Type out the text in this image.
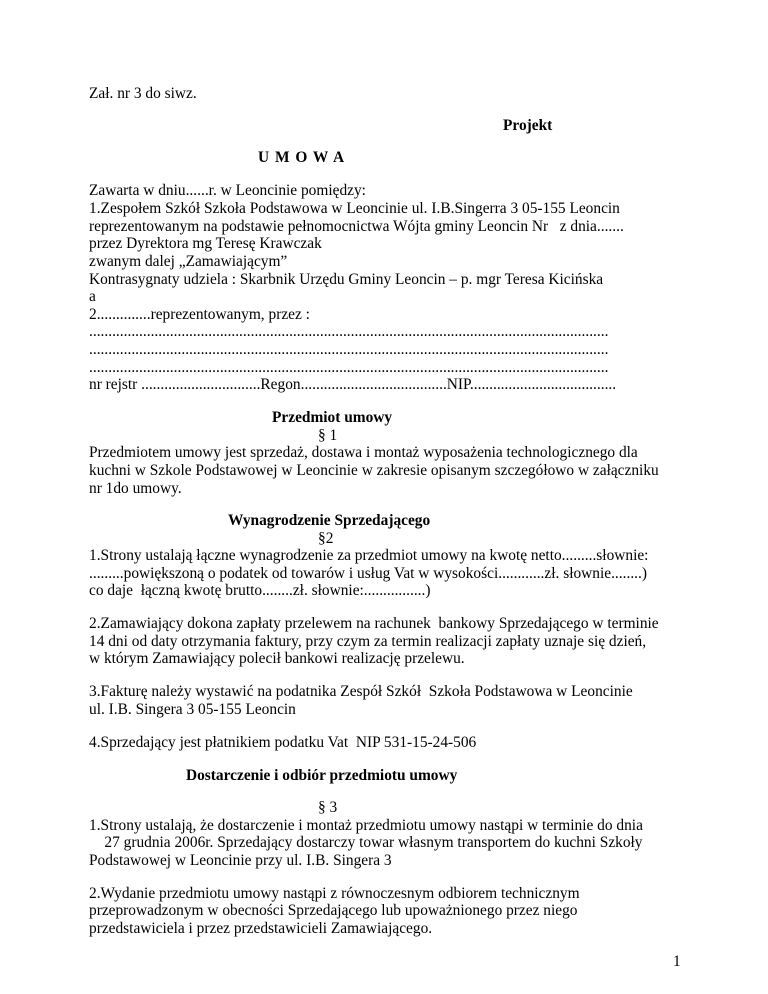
Zał. nr 3 do siwz.
Projekt
U M O W A
Zawarta w dniu......r. w Leoncinie pomiędzy:
1.Zespołem Szkół Szkoła Podstawowa w Leoncinie ul. I.B.Singerra 3 05-155 Leoncin
reprezentowanym na podstawie pełnomocnictwa Wójta gminy Leoncin Nr   z dnia.......
przez Dyrektora mg Teresę Krawczak
zwanym dalej „Zamawiającym”
Kontrasygnaty udziela : Skarbnik Urzędu Gminy Leoncin – p. mgr Teresa Kicińska
a
2..............reprezentowanym, przez :
.......................................................................................................................................
.......................................................................................................................................
.......................................................................................................................................
nr rejstr ...............................Regon......................................NIP......................................
Przedmiot umowy
§ 1
Przedmiotem umowy jest sprzedaż, dostawa i montaż wyposażenia technologicznego dla
kuchni w Szkole Podstawowej w Leoncinie w zakresie opisanym szczegółowo w załączniku
nr 1do umowy.
Wynagrodzenie Sprzedającego
§2
1.Strony ustalają łączne wynagrodzenie za przedmiot umowy na kwotę netto.........słownie:
.........powiększoną o podatek od towarów i usług Vat w wysokości............zł. słownie........)
co daje  łączną kwotę brutto........zł. słownie:................)
2.Zamawiający dokona zapłaty przelewem na rachunek  bankowy Sprzedającego w terminie
14 dni od daty otrzymania faktury, przy czym za termin realizacji zapłaty uznaje się dzień,
w którym Zamawiający polecił bankowi realizację przelewu.
3.Fakturę należy wystawić na podatnika Zespół Szkół  Szkoła Podstawowa w Leoncinie
ul. I.B. Singera 3 05-155 Leoncin
4.Sprzedający jest płatnikiem podatku Vat  NIP 531-15-24-506
Dostarczenie i odbiór przedmiotu umowy
§ 3
1.Strony ustalają, że dostarczenie i montaż przedmiotu umowy nastąpi w terminie do dnia
27 grudnia 2006r. Sprzedający dostarczy towar własnym transportem do kuchni Szkoły
Podstawowej w Leoncinie przy ul. I.B. Singera 3
2.Wydanie przedmiotu umowy nastąpi z równoczesnym odbiorem technicznym
przeprowadzonym w obecności Sprzedającego lub upoważnionego przez niego
przedstawiciela i przez przedstawicieli Zamawiającego.
1
